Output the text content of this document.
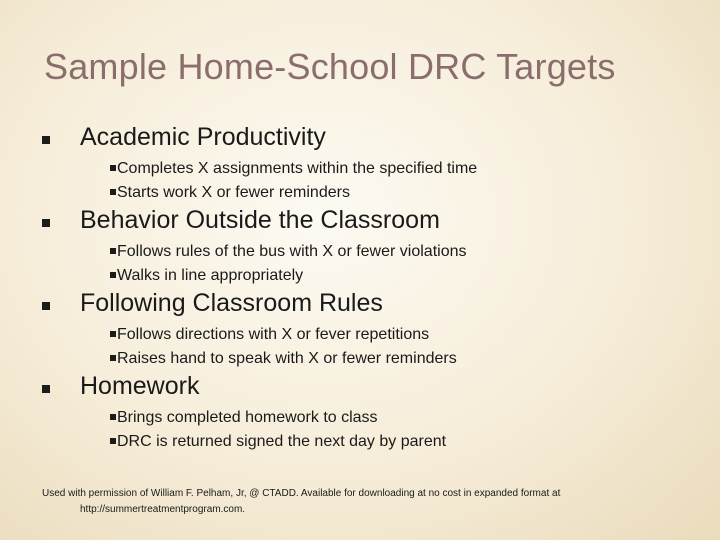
Sample Home-School DRC Targets
Academic Productivity
Completes X assignments within the specified time
Starts work X or fewer reminders
Behavior Outside the Classroom
Follows rules of the bus with X or fewer violations
Walks in line appropriately
Following Classroom Rules
Follows directions with X or fever repetitions
Raises hand to speak with X or fewer reminders
Homework
Brings completed homework to class
DRC is returned signed the next day by parent
Used with permission of William F. Pelham, Jr, @ CTADD. Available for downloading at no cost in expanded format at
http://summertreatmentprogram.com.
